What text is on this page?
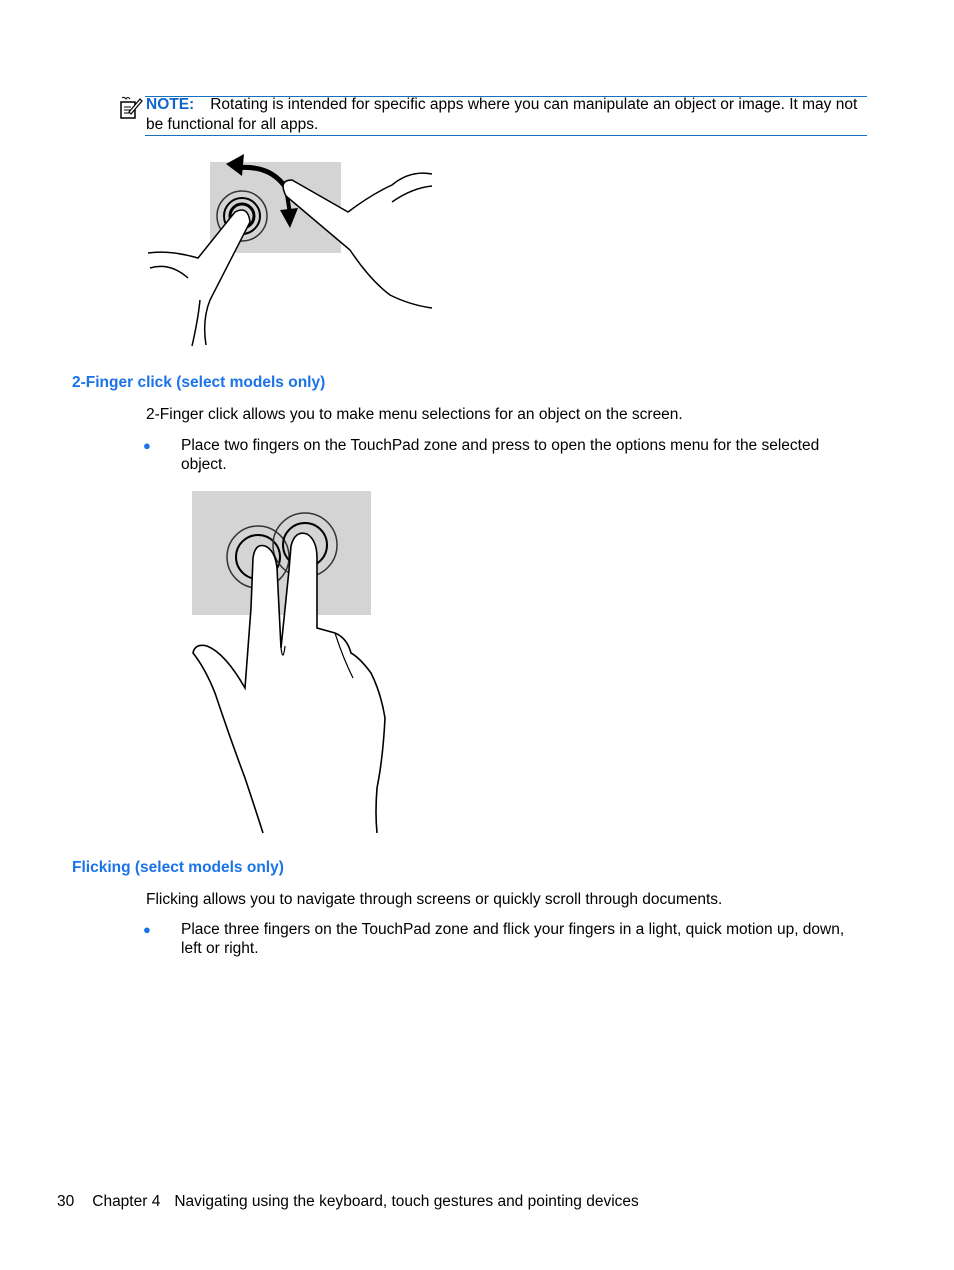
NOTE: Rotating is intended for specific apps where you can manipulate an object or image. It may not be functional for all apps.
2-Finger click (select models only)
2-Finger click allows you to make menu selections for an object on the screen.
● Place two fingers on the TouchPad zone and press to open the options menu for the selected object.
Flicking (select models only)
Flicking allows you to navigate through screens or quickly scroll through documents.
● Place three fingers on the TouchPad zone and flick your fingers in a light, quick motion up, down, left or right.
30 Chapter 4 Navigating using the keyboard, touch gestures and pointing devices
